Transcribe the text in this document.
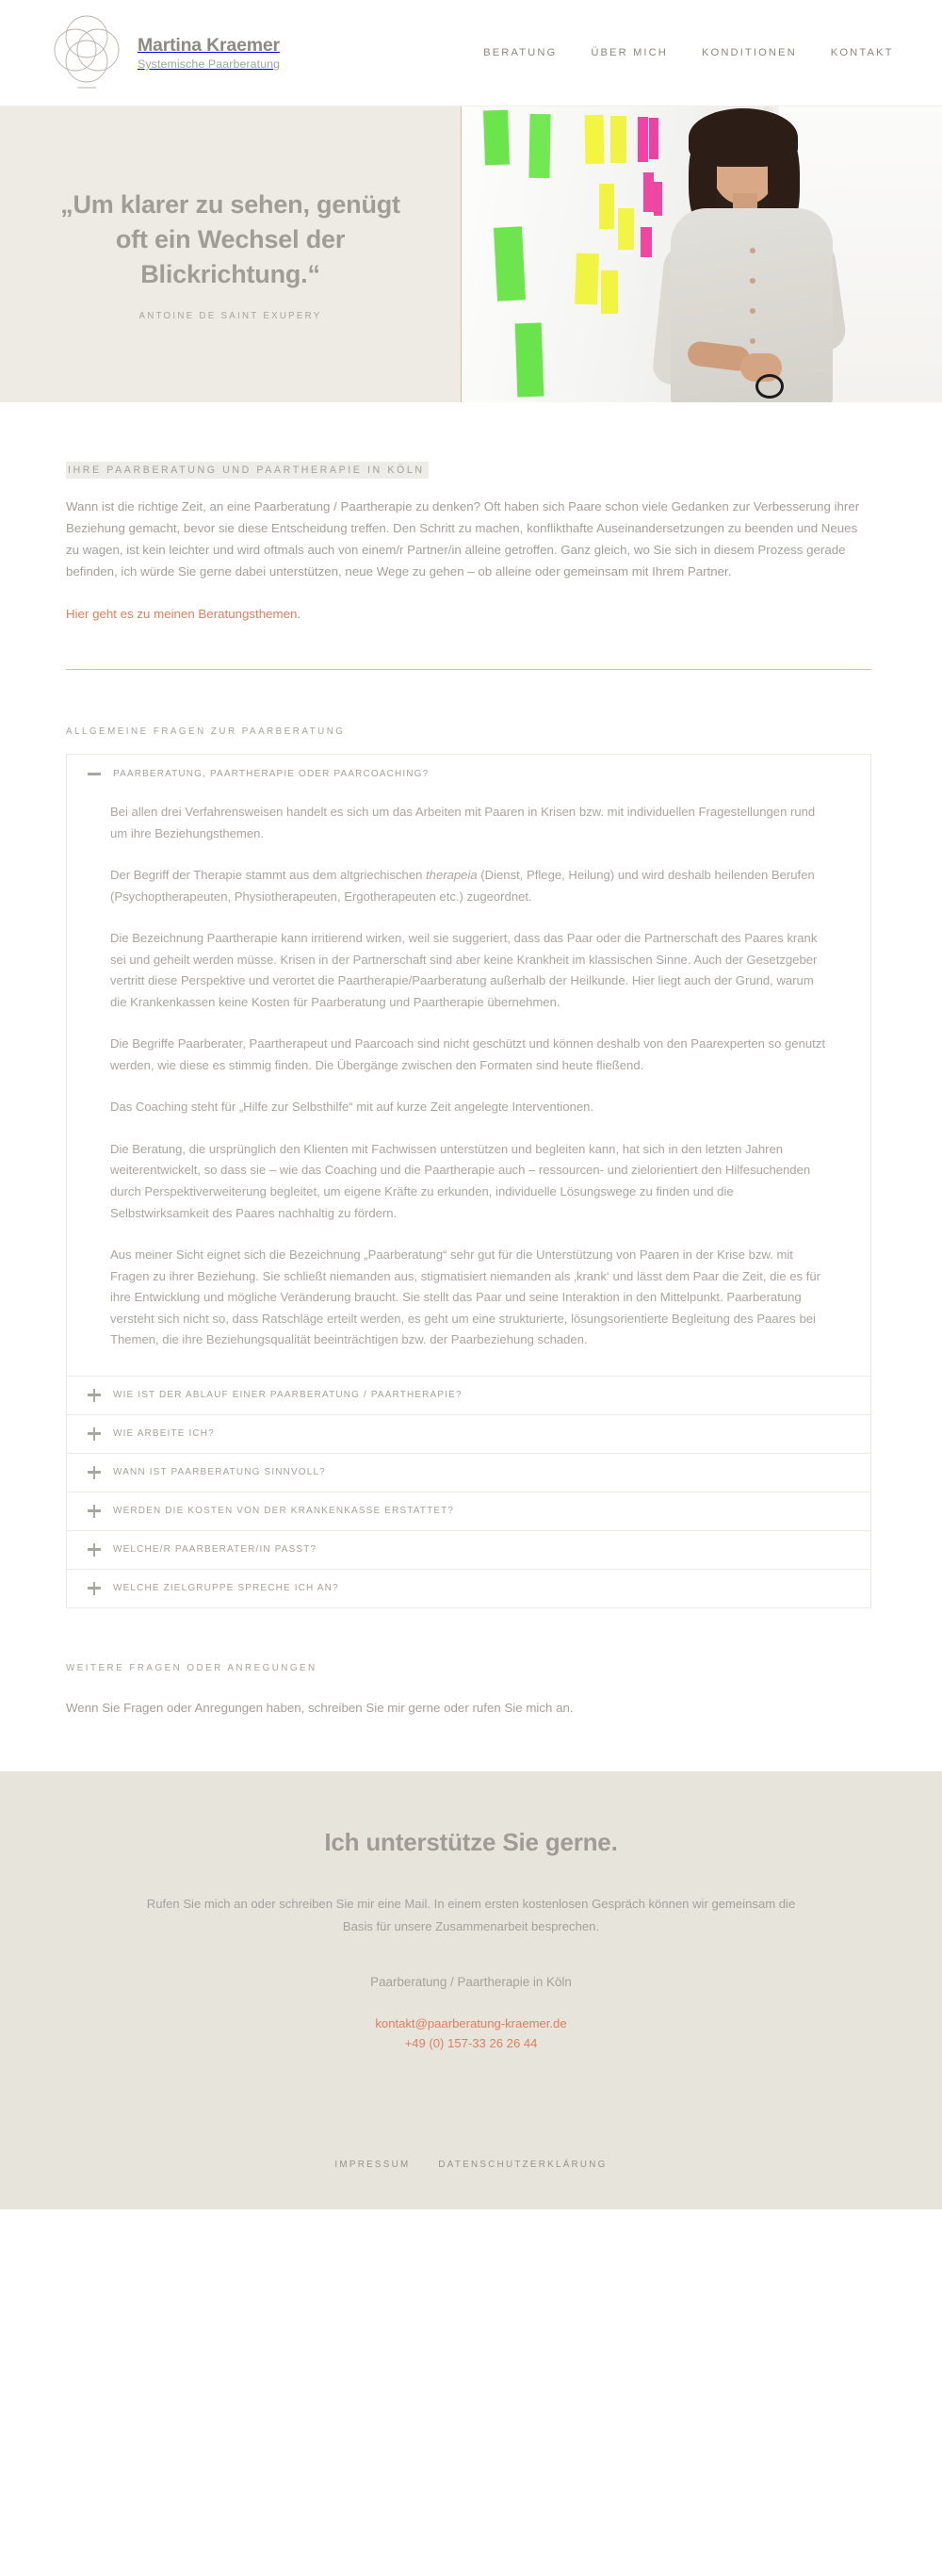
Martina Kraemer
Systemische Paarberatung
BERATUNG	ÜBER MICH	KONDITIONEN	KONTAKT
„Um klarer zu sehen, genügt oft ein Wechsel der Blickrichtung.“
ANTOINE DE SAINT EXUPERY
IHRE PAARBERATUNG UND PAARTHERAPIE IN KÖLN

Wann ist die richtige Zeit, an eine Paarberatung / Paartherapie zu denken? Oft haben sich Paare schon viele Gedanken zur Verbesserung ihrer Beziehung gemacht, bevor sie diese Entscheidung treffen. Den Schritt zu machen, konflikthafte Auseinandersetzungen zu beenden und Neues zu wagen, ist kein leichter und wird oftmals auch von einem/r Partner/in alleine getroffen. Ganz gleich, wo Sie sich in diesem Prozess gerade befinden, ich würde Sie gerne dabei unterstützen, neue Wege zu gehen – ob alleine oder gemeinsam mit Ihrem Partner.

Hier geht es zu meinen Beratungsthemen.
ALLGEMEINE FRAGEN ZUR PAARBERATUNG
PAARBERATUNG, PAARTHERAPIE ODER PAARCOACHING?

Bei allen drei Verfahrensweisen handelt es sich um das Arbeiten mit Paaren in Krisen bzw. mit individuellen Fragestellungen rund um ihre Beziehungsthemen.

Der Begriff der Therapie stammt aus dem altgriechischen therapeia (Dienst, Pflege, Heilung) und wird deshalb heilenden Berufen (Psychoptherapeuten, Physiotherapeuten, Ergotherapeuten etc.) zugeordnet.

Die Bezeichnung Paartherapie kann irritierend wirken, weil sie suggeriert, dass das Paar oder die Partnerschaft des Paares krank sei und geheilt werden müsse. Krisen in der Partnerschaft sind aber keine Krankheit im klassischen Sinne. Auch der Gesetzgeber vertritt diese Perspektive und verortet die Paartherapie/Paarberatung außerhalb der Heilkunde. Hier liegt auch der Grund, warum die Krankenkassen keine Kosten für Paarberatung und Paartherapie übernehmen.

Die Begriffe Paarberater, Paartherapeut und Paarcoach sind nicht geschützt und können deshalb von den Paarexperten so genutzt werden, wie diese es stimmig finden. Die Übergänge zwischen den Formaten sind heute fließend.

Das Coaching steht für „Hilfe zur Selbsthilfe“ mit auf kurze Zeit angelegte Interventionen.

Die Beratung, die ursprünglich den Klienten mit Fachwissen unterstützen und begleiten kann, hat sich in den letzten Jahren weiterentwickelt, so dass sie – wie das Coaching und die Paartherapie auch – ressourcen- und zielorientiert den Hilfesuchenden durch Perspektiverweiterung begleitet, um eigene Kräfte zu erkunden, individuelle Lösungswege zu finden und die Selbstwirksamkeit des Paares nachhaltig zu fördern.

Aus meiner Sicht eignet sich die Bezeichnung „Paarberatung“ sehr gut für die Unterstützung von Paaren in der Krise bzw. mit Fragen zu ihrer Beziehung. Sie schließt niemanden aus, stigmatisiert niemanden als ‚krank‘ und lässt dem Paar die Zeit, die es für ihre Entwicklung und mögliche Veränderung braucht. Sie stellt das Paar und seine Interaktion in den Mittelpunkt. Paarberatung versteht sich nicht so, dass Ratschläge erteilt werden, es geht um eine strukturierte, lösungsorientierte Begleitung des Paares bei Themen, die ihre Beziehungsqualität beeinträchtigen bzw. der Paarbeziehung schaden.

WIE IST DER ABLAUF EINER PAARBERATUNG / PAARTHERAPIE?
WIE ARBEITE ICH?
WANN IST PAARBERATUNG SINNVOLL?
WERDEN DIE KOSTEN VON DER KRANKENKASSE ERSTATTET?
WELCHE/R PAARBERATER/IN PASST?
WELCHE ZIELGRUPPE SPRECHE ICH AN?
WEITERE FRAGEN ODER ANREGUNGEN

Wenn Sie Fragen oder Anregungen haben, schreiben Sie mir gerne oder rufen Sie mich an.

Ich unterstütze Sie gerne.

Rufen Sie mich an oder schreiben Sie mir eine Mail. In einem ersten kostenlosen Gespräch können wir gemeinsam die Basis für unsere Zusammenarbeit besprechen.

Paarberatung / Paartherapie in Köln

kontakt@paarberatung-kraemer.de
+49 (0) 157-33 26 26 44
IMPRESSUM	DATENSCHUTZERKLÄRUNG
